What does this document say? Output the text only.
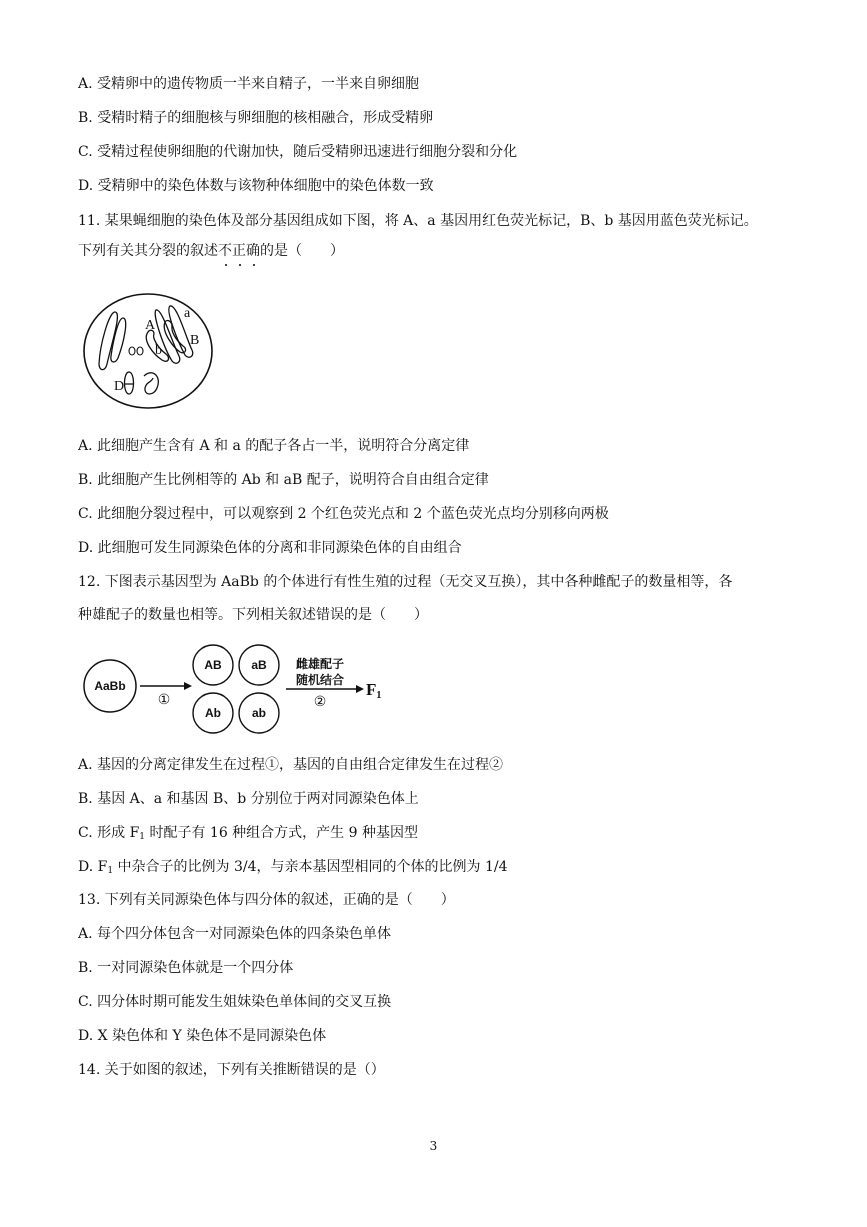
A. 受精卵中的遗传物质一半来自精子，一半来自卵细胞
B. 受精时精子的细胞核与卵细胞的核相融合，形成受精卵
C. 受精过程使卵细胞的代谢加快，随后受精卵迅速进行细胞分裂和分化
D. 受精卵中的染色体数与该物种体细胞中的染色体数一致
11. 某果蝇细胞的染色体及部分基因组成如下图，将 A、a 基因用红色荧光标记，B、b 基因用蓝色荧光标记。
下列有关其分裂的叙述不正确的是（　　）
A
a
B
b
D
A. 此细胞产生含有 A 和 a 的配子各占一半，说明符合分离定律
B. 此细胞产生比例相等的 Ab 和 aB 配子，说明符合自由组合定律
C. 此细胞分裂过程中，可以观察到 2 个红色荧光点和 2 个蓝色荧光点均分别移向两极
D. 此细胞可发生同源染色体的分离和非同源染色体的自由组合
12. 下图表示基因型为 AaBb 的个体进行有性生殖的过程（无交叉互换），其中各种雌配子的数量相等，各
种雄配子的数量也相等。下列相关叙述错误的是（　　）
AaBb
①
AB aB
Ab	ab
雌雄配子
随机结合
②
F1
A. 基因的分离定律发生在过程①，基因的自由组合定律发生在过程②
B. 基因 A、a 和基因 B、b 分别位于两对同源染色体上
C. 形成 $F_1$ 时配子有 16 种组合方式，产生 9 种基因型
D. $F_1$ 中杂合子的比例为 3/4，与亲本基因型相同的个体的比例为 1/4
13. 下列有关同源染色体与四分体的叙述，正确的是（　　）
A. 每个四分体包含一对同源染色体的四条染色单体
B. 一对同源染色体就是一个四分体
C. 四分体时期可能发生姐妹染色单体间的交叉互换
D. X 染色体和 Y 染色体不是同源染色体
14. 关于如图的叙述，下列有关推断错误的是（）
3
